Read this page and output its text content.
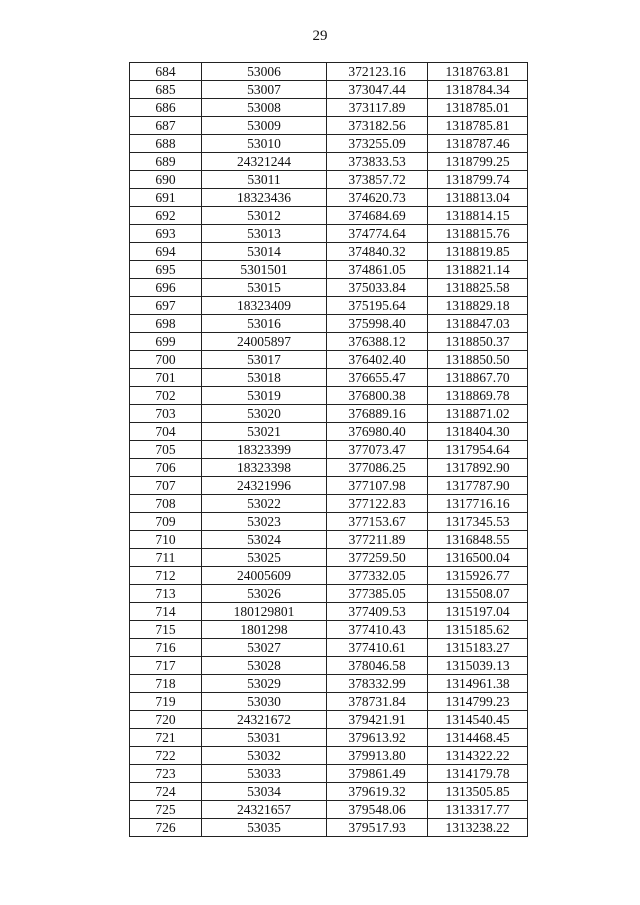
29
684	53006	372123.16	1318763.81
685	53007	373047.44	1318784.34
686	53008	373117.89	1318785.01
687	53009	373182.56	1318785.81
688	53010	373255.09	1318787.46
689	24321244	373833.53	1318799.25
690	53011	373857.72	1318799.74
691	18323436	374620.73	1318813.04
692	53012	374684.69	1318814.15
693	53013	374774.64	1318815.76
694	53014	374840.32	1318819.85
695	5301501	374861.05	1318821.14
696	53015	375033.84	1318825.58
697	18323409	375195.64	1318829.18
698	53016	375998.40	1318847.03
699	24005897	376388.12	1318850.37
700	53017	376402.40	1318850.50
701	53018	376655.47	1318867.70
702	53019	376800.38	1318869.78
703	53020	376889.16	1318871.02
704	53021	376980.40	1318404.30
705	18323399	377073.47	1317954.64
706	18323398	377086.25	1317892.90
707	24321996	377107.98	1317787.90
708	53022	377122.83	1317716.16
709	53023	377153.67	1317345.53
710	53024	377211.89	1316848.55
711	53025	377259.50	1316500.04
712	24005609	377332.05	1315926.77
713	53026	377385.05	1315508.07
714	180129801	377409.53	1315197.04
715	1801298	377410.43	1315185.62
716	53027	377410.61	1315183.27
717	53028	378046.58	1315039.13
718	53029	378332.99	1314961.38
719	53030	378731.84	1314799.23
720	24321672	379421.91	1314540.45
721	53031	379613.92	1314468.45
722	53032	379913.80	1314322.22
723	53033	379861.49	1314179.78
724	53034	379619.32	1313505.85
725	24321657	379548.06	1313317.77
726	53035	379517.93	1313238.22
